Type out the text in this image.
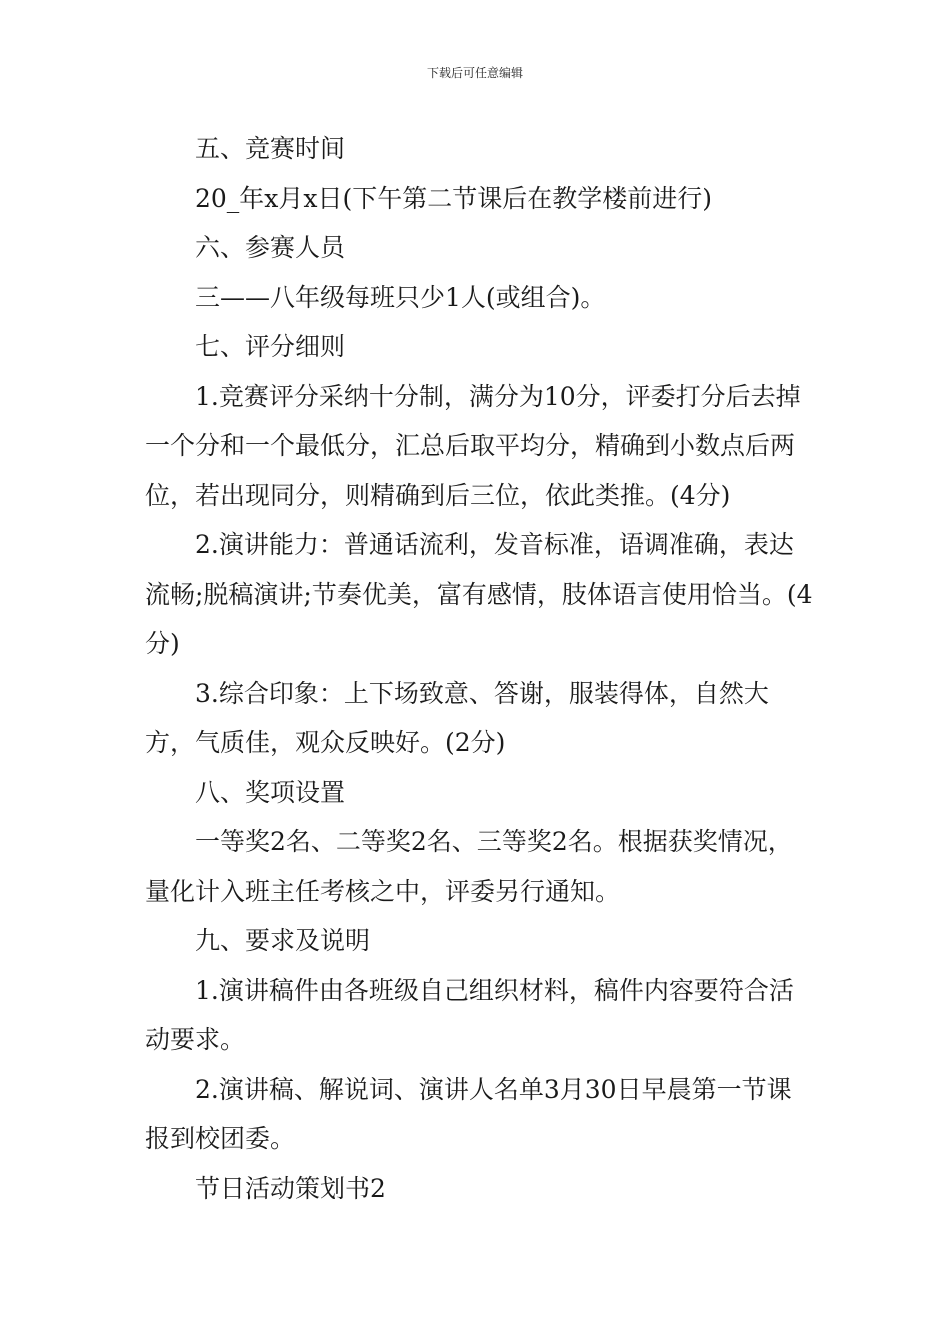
下载后可任意编辑

五、竞赛时间

20_年x月x日(下午第二节课后在教学楼前进行)

六、参赛人员

三——八年级每班只少1人(或组合)。

七、评分细则

1.竞赛评分采纳十分制，满分为10分，评委打分后去掉一个分和一个最低分，汇总后取平均分，精确到小数点后两位，若出现同分，则精确到后三位，依此类推。(4分)

2.演讲能力：普通话流利，发音标准，语调准确，表达流畅;脱稿演讲;节奏优美，富有感情，肢体语言使用恰当。(4分)

3.综合印象：上下场致意、答谢，服装得体，自然大方，气质佳，观众反映好。(2分)

八、奖项设置

一等奖2名、二等奖2名、三等奖2名。根据获奖情况，量化计入班主任考核之中，评委另行通知。

九、要求及说明

1.演讲稿件由各班级自己组织材料，稿件内容要符合活动要求。

2.演讲稿、解说词、演讲人名单3月30日早晨第一节课报到校团委。

节日活动策划书2
